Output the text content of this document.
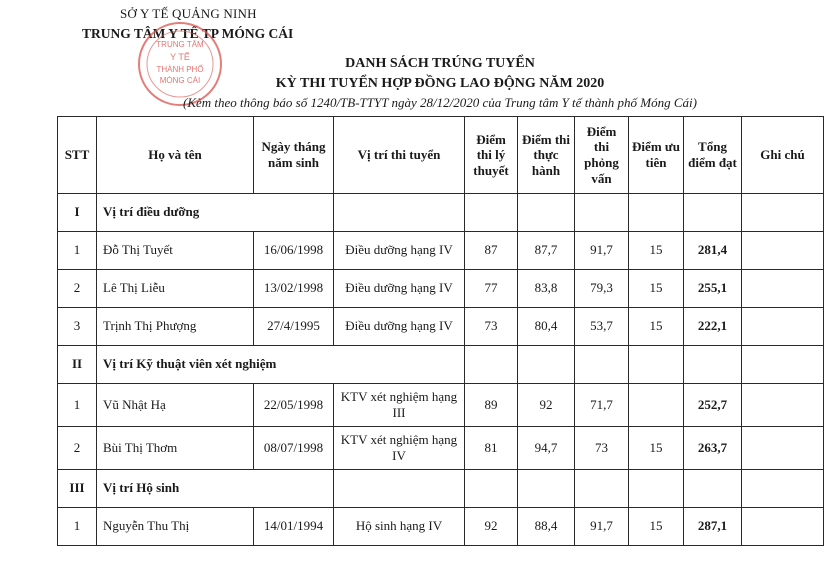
SỞ Y TẾ QUẢNG NINH
TRUNG TÂM Y TẾ TP MÓNG CÁI
TRUNG TÂM
Y TẾ
THÀNH PHỐ
MÓNG CÁI
DANH SÁCH TRÚNG TUYỂN
KỲ THI TUYỂN HỢP ĐỒNG LAO ĐỘNG NĂM 2020
(Kèm theo thông báo số 1240/TB-TTYT ngày 28/12/2020 của Trung tâm Y tế thành phố Móng Cái)
STT	Họ và tên	Ngày tháng năm sinh	Vị trí thi tuyển	Điểm thi lý thuyết	Điểm thi thực hành	Điểm thi phỏng vấn	Điểm ưu tiên	Tổng điểm đạt	Ghi chú
I	Vị trí điều dưỡng								
1	Đỗ Thị Tuyết	16/06/1998	Điều dưỡng hạng IV	87	87,7	91,7	15	281,4	
2	Lê Thị Liễu	13/02/1998	Điều dưỡng hạng IV	77	83,8	79,3	15	255,1	
3	Trịnh Thị Phượng	27/4/1995	Điều dưỡng hạng IV	73	80,4	53,7	15	222,1	
II	Vị trí Kỹ thuật viên xét nghiệm								
1	Vũ Nhật Hạ	22/05/1998	KTV xét nghiệm hạng III	89	92	71,7		252,7	
2	Bùi Thị Thơm	08/07/1998	KTV xét nghiệm hạng IV	81	94,7	73	15	263,7	
III	Vị trí Hộ sinh								
1	Nguyễn Thu Thị	14/01/1994	Hộ sinh hạng IV	92	88,4	91,7	15	287,1	
